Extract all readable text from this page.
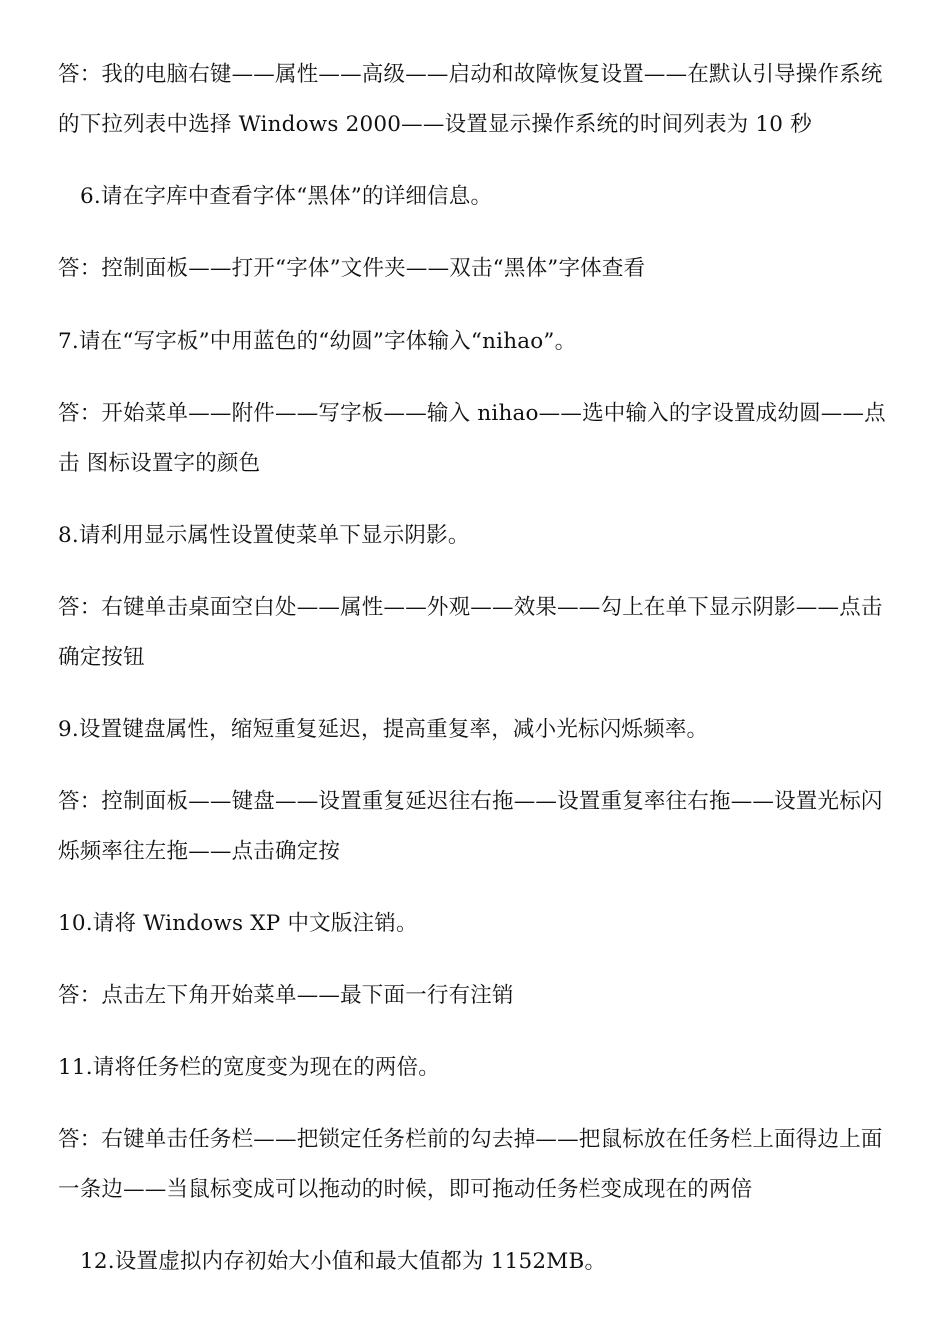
答：我的电脑右键——属性——高级——启动和故障恢复设置——在默认引导操作系统
的下拉列表中选择 Windows 2000——设置显示操作系统的时间列表为 10 秒

6.请在字库中查看字体“黑体”的详细信息。

答：控制面板——打开“字体”文件夹——双击“黑体”字体查看

7.请在“写字板”中用蓝色的“幼圆”字体输入“nihao”。

答：开始菜单——附件——写字板——输入 nihao——选中输入的字设置成幼圆——点
击 图标设置字的颜色

8.请利用显示属性设置使菜单下显示阴影。

答：右键单击桌面空白处——属性——外观——效果——勾上在单下显示阴影——点击
确定按钮

9.设置键盘属性，缩短重复延迟，提高重复率，减小光标闪烁频率。

答：控制面板——键盘——设置重复延迟往右拖——设置重复率往右拖——设置光标闪
烁频率往左拖——点击确定按

10.请将 Windows XP 中文版注销。

答：点击左下角开始菜单——最下面一行有注销

11.请将任务栏的宽度变为现在的两倍。

答：右键单击任务栏——把锁定任务栏前的勾去掉——把鼠标放在任务栏上面得边上面
一条边——当鼠标变成可以拖动的时候，即可拖动任务栏变成现在的两倍

12.设置虚拟内存初始大小值和最大值都为 1152MB。
